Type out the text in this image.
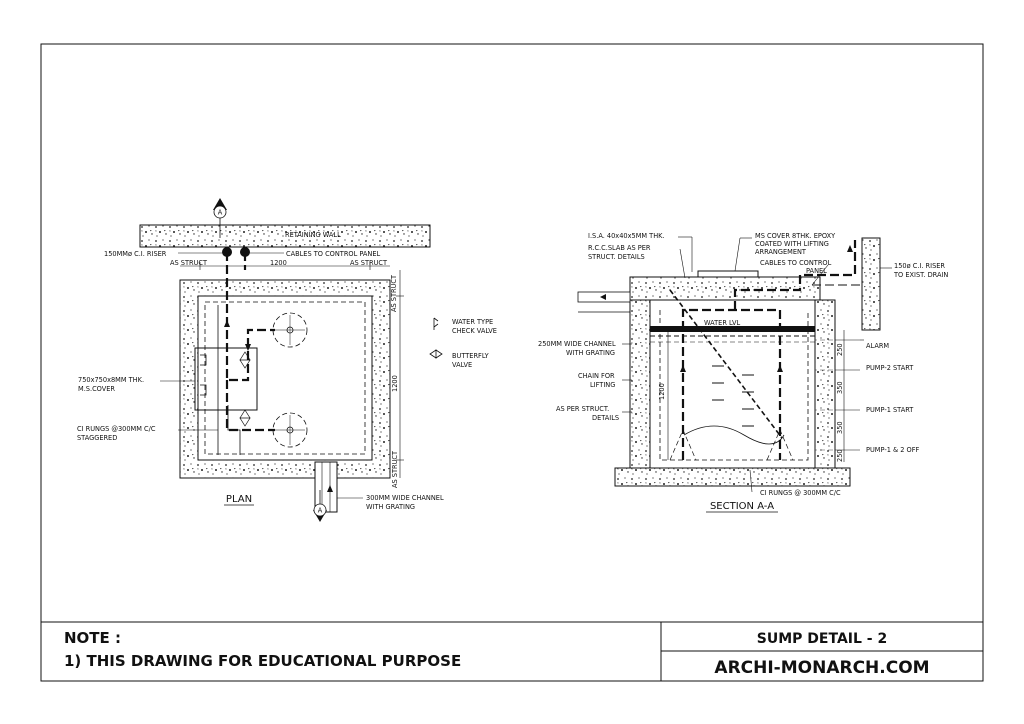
A
A
RETAINING WALL
150MMø C.I. RISER	CABLES TO CONTROL PANEL
AS STRUCT	1200	AS STRUCT
AS STRUCT
1200
AS STRUCT
750x750x8MM THK.
M.S.COVER
CI RUNGS @300MM C/C
STAGGERED
300MM WIDE CHANNEL
WITH GRATING
PLAN
WATER TYPE
CHECK VALVE
BUTTERFLY
VALVE
I.S.A. 40x40x5MM THK.
R.C.C.SLAB AS PER
STRUCT. DETAILS
MS COVER 8THK. EPOXY
COATED WITH LIFTING
ARRANGEMENT
CABLES TO CONTROL
PANEL
150ø C.I. RISER
TO EXIST. DRAIN
250MM WIDE CHANNEL
WITH GRATING
CHAIN FOR
LIFTING
AS PER STRUCT.
DETAILS
WATER LVL
1200
ALARM
PUMP-2 START
PUMP-1 START
PUMP-1 & 2 OFF
250
350
350
250
CI RUNGS @ 300MM C/C
SECTION A-A
NOTE :
1) THIS DRAWING FOR EDUCATIONAL PURPOSE
SUMP DETAIL - 2
ARCHI-MONARCH.COM
